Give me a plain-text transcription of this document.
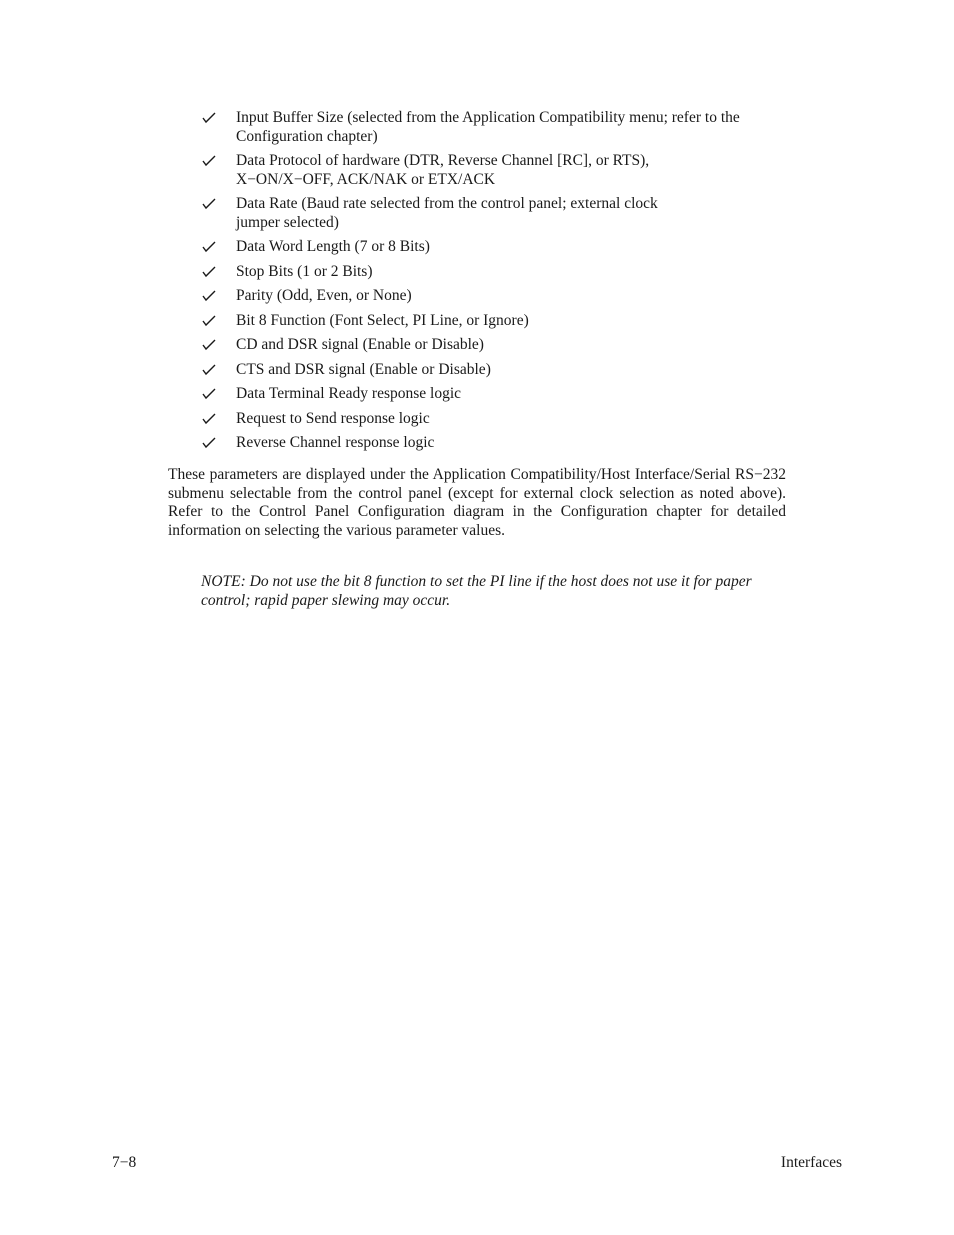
Input Buffer Size (selected from the Application Compatibility menu; refer to the
Configuration chapter)
Data Protocol of hardware (DTR, Reverse Channel [RC], or RTS),
X−ON/X−OFF, ACK/NAK or ETX/ACK
Data Rate (Baud rate selected from the control panel; external clock
jumper selected)
Data Word Length (7 or 8 Bits)
Stop Bits (1 or 2 Bits)
Parity (Odd, Even, or None)
Bit 8 Function (Font Select, PI Line, or Ignore)
CD and DSR signal (Enable or Disable)
CTS and DSR signal (Enable or Disable)
Data Terminal Ready response logic
Request to Send response logic
Reverse Channel response logic

These parameters are displayed under the Application Compatibility/Host Interface/Serial RS−232 submenu selectable from the control panel (except for external clock selection as noted above). Refer to the Control Panel Configuration diagram in the Configuration chapter for detailed information on selecting the various parameter values.

NOTE: Do not use the bit 8 function to set the PI line if the host does not use it for paper
control; rapid paper slewing may occur.
7−8	Interfaces
